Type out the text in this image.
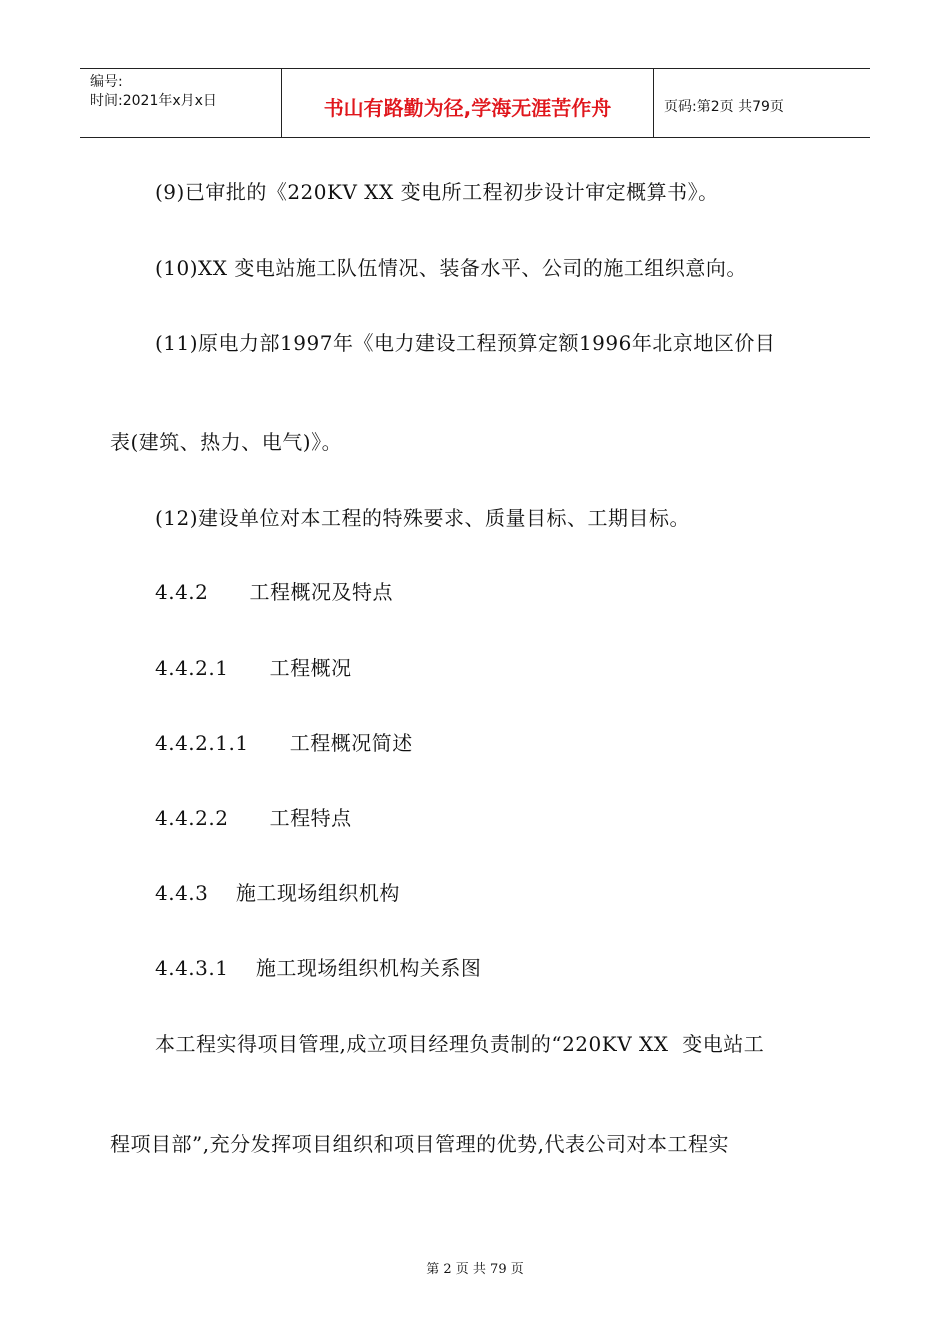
编号:
时间:2021年x月x日	书山有路勤为径,学海无涯苦作舟	页码:第2页 共79页
(9)已审批的《220KV XX 变电所工程初步设计审定概算书》。
(10)XX 变电站施工队伍情况、装备水平、公司的施工组织意向。
(11)原电力部1997年《电力建设工程预算定额1996年北京地区价目
表(建筑、热力、电气)》。
(12)建设单位对本工程的特殊要求、质量目标、工期目标。
4.4.2      工程概况及特点
4.4.2.1      工程概况
4.4.2.1.1      工程概况简述
4.4.2.2      工程特点
4.4.3    施工现场组织机构
4.4.3.1    施工现场组织机构关系图
本工程实得项目管理,成立项目经理负责制的“220KV XX  变电站工
程项目部”,充分发挥项目组织和项目管理的优势,代表公司对本工程实
第 2 页 共 79 页
